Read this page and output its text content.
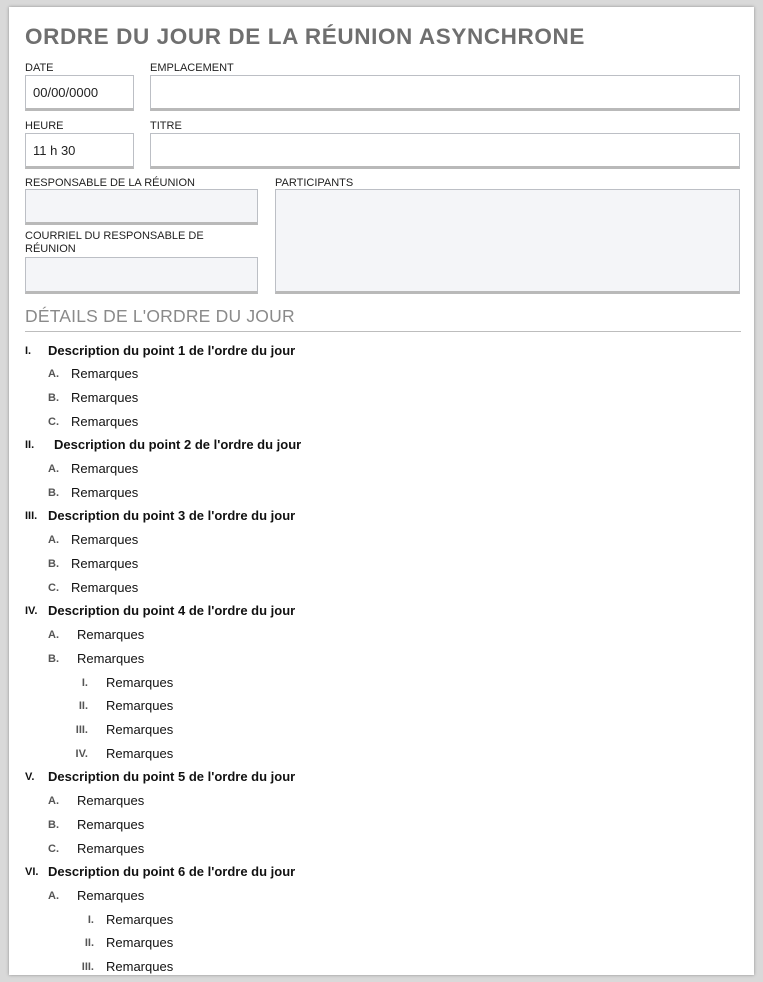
ORDRE DU JOUR DE LA RÉUNION ASYNCHRONE
DATE
00/00/0000
EMPLACEMENT
HEURE
11 h 30
TITRE
RESPONSABLE DE LA RÉUNION
COURRIEL DU RESPONSABLE DE
RÉUNION
PARTICIPANTS
DÉTAILS DE L'ORDRE DU JOUR
I. Description du point 1 de l'ordre du jour
A. Remarques
B. Remarques
C. Remarques
II. Description du point 2 de l'ordre du jour
A. Remarques
B. Remarques
III. Description du point 3 de l'ordre du jour
A. Remarques
B. Remarques
C. Remarques
IV. Description du point 4 de l'ordre du jour
A. Remarques
B. Remarques
I. Remarques
II. Remarques
III. Remarques
IV. Remarques
V. Description du point 5 de l'ordre du jour
A. Remarques
B. Remarques
C. Remarques
VI. Description du point 6 de l'ordre du jour
A. Remarques
I. Remarques
II. Remarques
III. Remarques
